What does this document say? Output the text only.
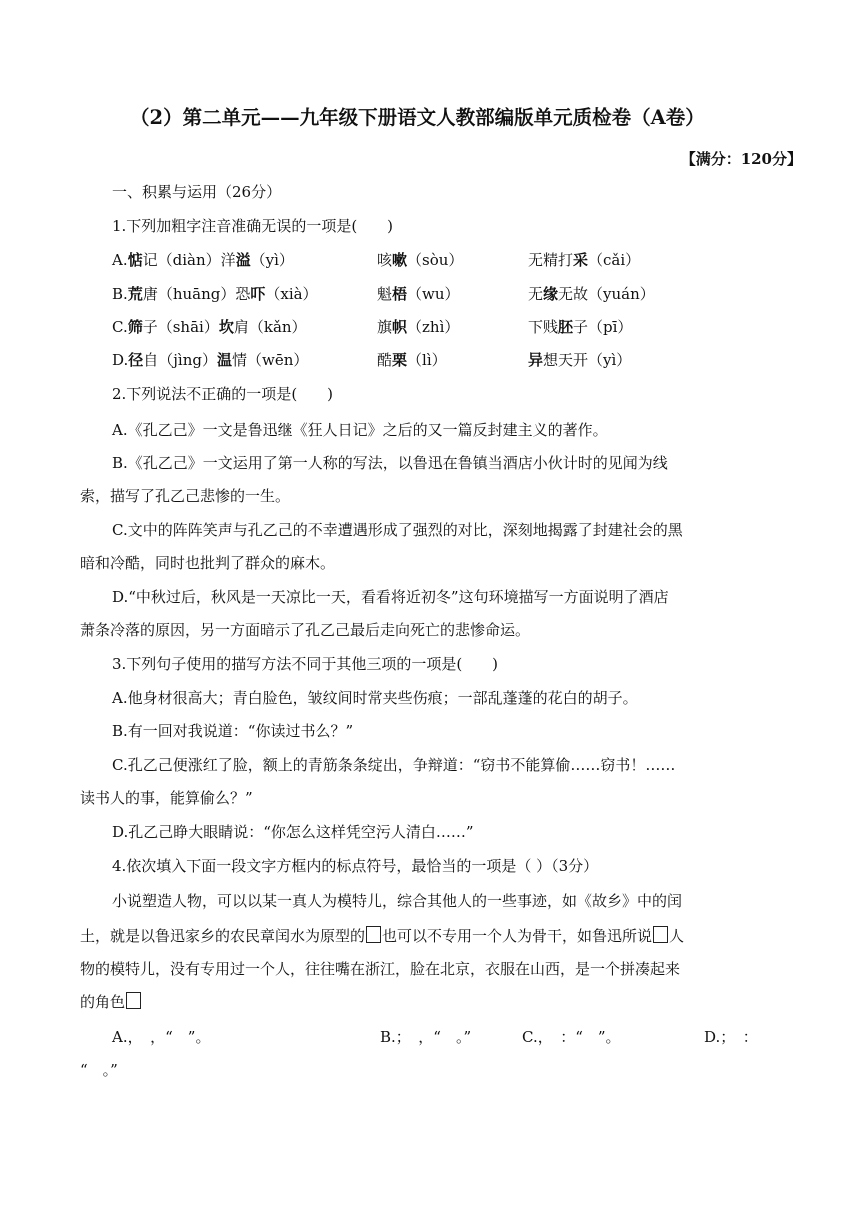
（2）第二单元——九年级下册语文人教部编版单元质检卷（A卷）
【满分：120分】
一、积累与运用（26分）
1.下列加粗字注音准确无误的一项是(　　)
A.惦记（diàn）洋溢（yì）	咳嗽（sòu）	无精打采（cǎi）
B.荒唐（huāng）恐吓（xià）	魁梧（wu）	无缘无故（yuán）
C.筛子（shāi）坎肩（kǎn）	旗帜（zhì）	下贱胚子（pī）
D.径自（jìng）温情（wēn）	酷栗（lì）	异想天开（yì）
2.下列说法不正确的一项是(　　)
A.《孔乙己》一文是鲁迅继《狂人日记》之后的又一篇反封建主义的著作。
B.《孔乙己》一文运用了第一人称的写法，以鲁迅在鲁镇当酒店小伙计时的见闻为线
索，描写了孔乙己悲惨的一生。
C.文中的阵阵笑声与孔乙己的不幸遭遇形成了强烈的对比，深刻地揭露了封建社会的黑
暗和冷酷，同时也批判了群众的麻木。
D.“中秋过后，秋风是一天凉比一天，看看将近初冬”这句环境描写一方面说明了酒店
萧条冷落的原因，另一方面暗示了孔乙己最后走向死亡的悲惨命运。
3.下列句子使用的描写方法不同于其他三项的一项是(　　)
A.他身材很高大；青白脸色，皱纹间时常夹些伤痕；一部乱蓬蓬的花白的胡子。
B.有一回对我说道：“你读过书么？”
C.孔乙己便涨红了脸，额上的青筋条条绽出，争辩道：“窃书不能算偷……窃书！……
读书人的事，能算偷么？”
D.孔乙己睁大眼睛说：“你怎么这样凭空污人清白……”
4.依次填入下面一段文字方框内的标点符号，最恰当的一项是（ ）（3分）
小说塑造人物，可以以某一真人为模特儿，综合其他人的一些事迹，如《故乡》中的闰
土，就是以鲁迅家乡的农民章闰水为原型的 也可以不专用一个人为骨干，如鲁迅所说 人
物的模特儿，没有专用过一个人，往往嘴在浙江，脸在北京，衣服在山西，是一个拼凑起来
的角色
A.，　，“　”。	B.；　，“　。”	C.，　：“　”。	D.；　：
“　。”
